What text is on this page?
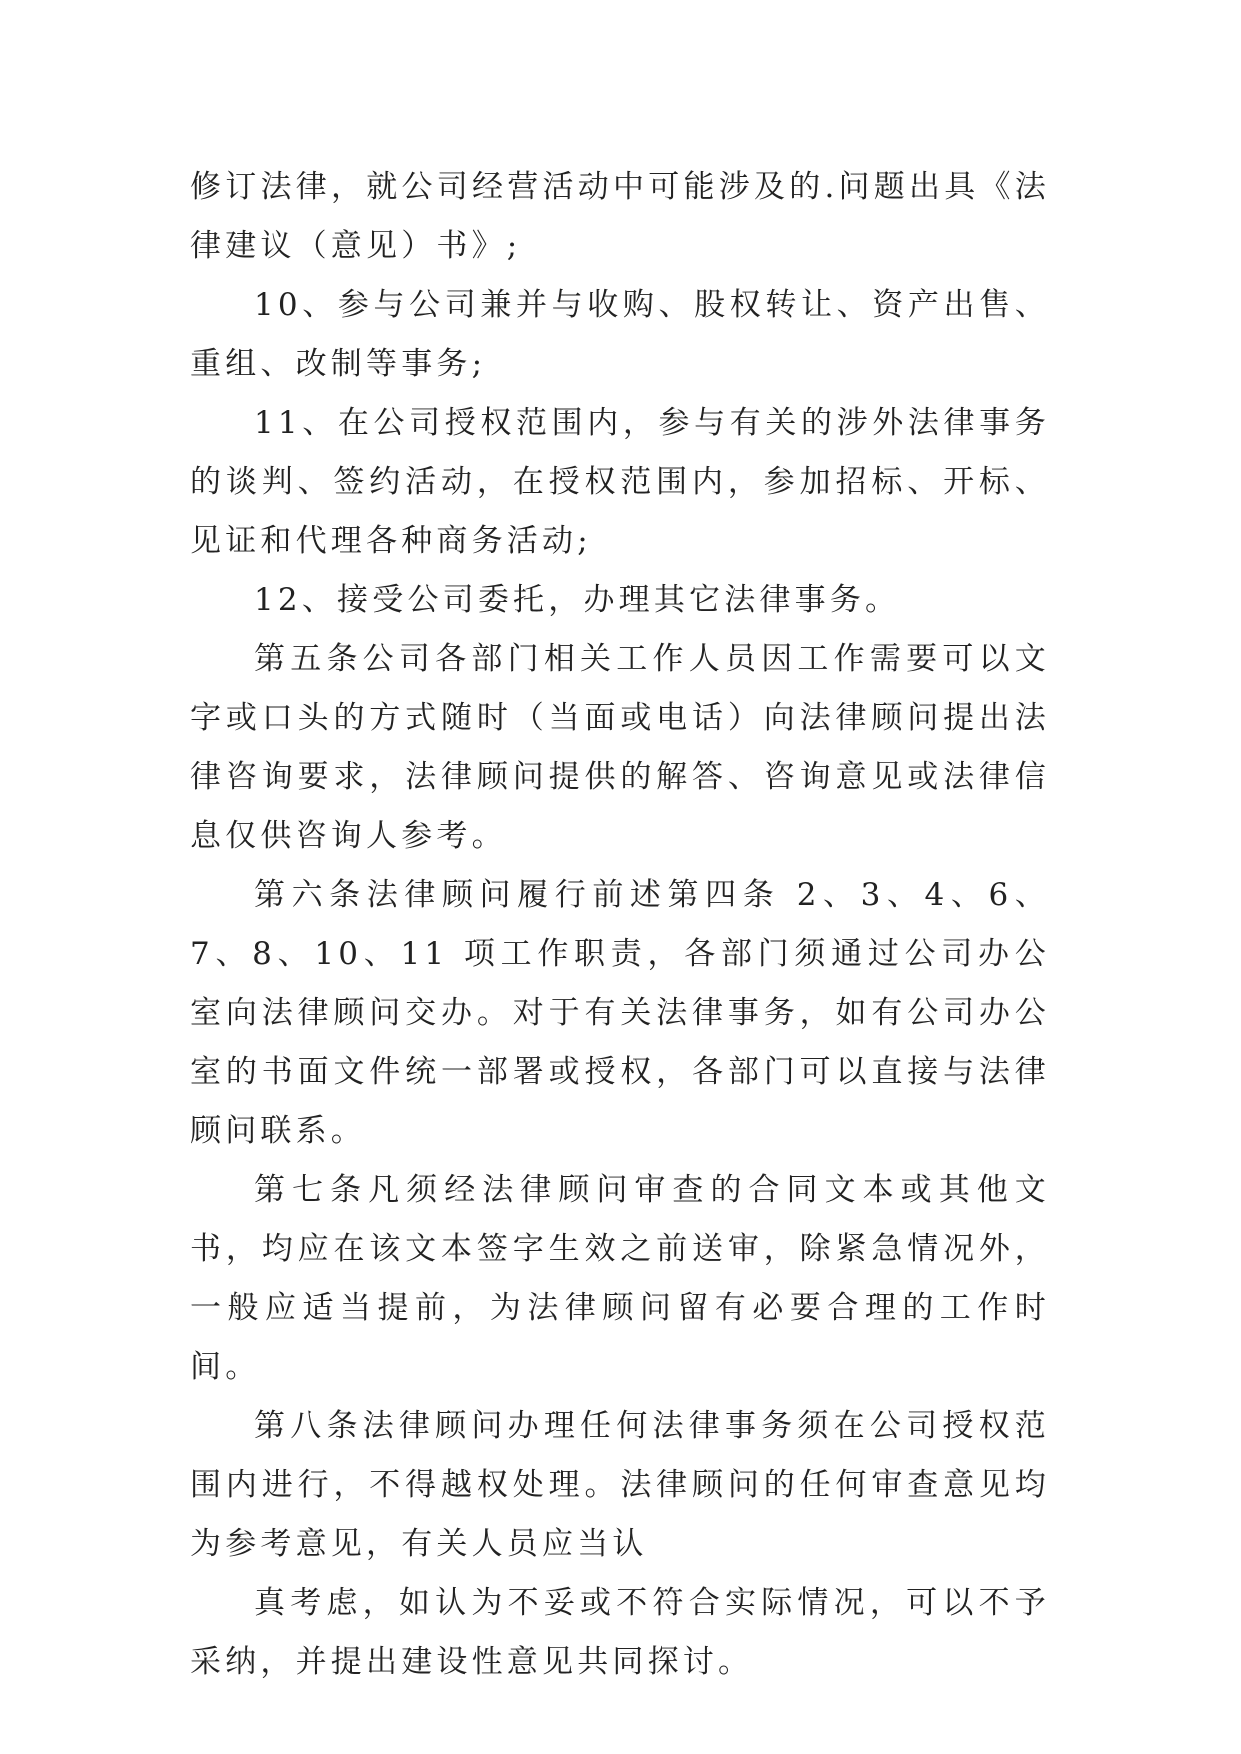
修订法律，就公司经营活动中可能涉及的.问题出具《法律建议（意见）书》;

10、参与公司兼并与收购、股权转让、资产出售、重组、改制等事务;

11、在公司授权范围内，参与有关的涉外法律事务的谈判、签约活动，在授权范围内，参加招标、开标、见证和代理各种商务活动;

12、接受公司委托，办理其它法律事务。

第五条公司各部门相关工作人员因工作需要可以文字或口头的方式随时（当面或电话）向法律顾问提出法律咨询要求，法律顾问提供的解答、咨询意见或法律信息仅供咨询人参考。

第六条法律顾问履行前述第四条 2、3、4、6、7、8、10、11 项工作职责，各部门须通过公司办公室向法律顾问交办。对于有关法律事务，如有公司办公室的书面文件统一部署或授权，各部门可以直接与法律顾问联系。

第七条凡须经法律顾问审查的合同文本或其他文书，均应在该文本签字生效之前送审，除紧急情况外，一般应适当提前，为法律顾问留有必要合理的工作时间。

第八条法律顾问办理任何法律事务须在公司授权范围内进行，不得越权处理。法律顾问的任何审查意见均为参考意见，有关人员应当认

真考虑，如认为不妥或不符合实际情况，可以不予采纳，并提出建设性意见共同探讨。
